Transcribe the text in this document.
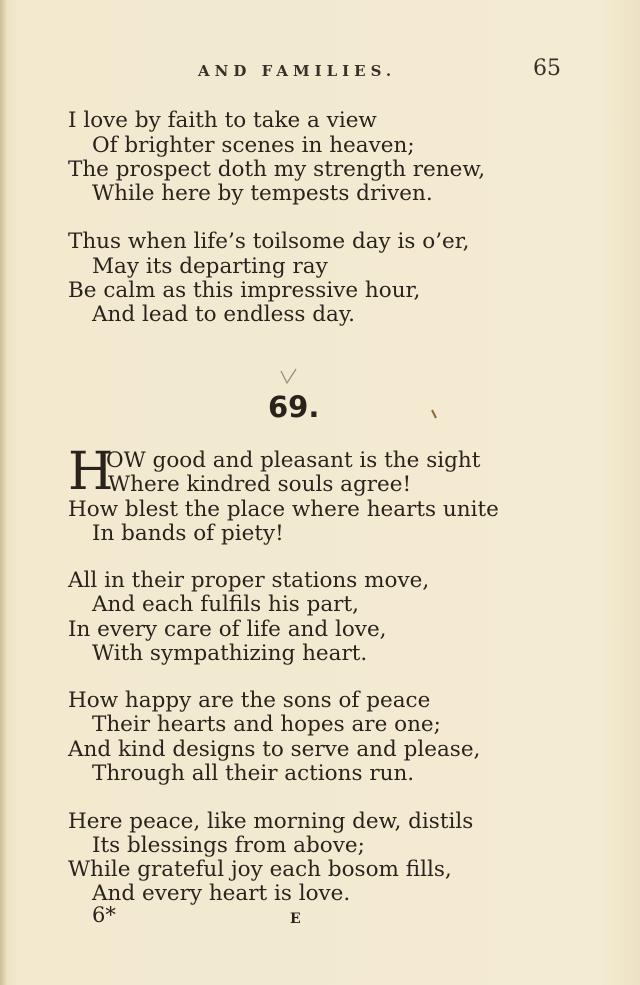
AND FAMILIES.	65
I love by faith to take a view
Of brighter scenes in heaven;
The prospect doth my strength renew,
While here by tempests driven.
Thus when life’s toilsome day is o’er,
May its departing ray
Be calm as this impressive hour,
And lead to endless day.
69.
H
OW good and pleasant is the sight
Where kindred souls agree!
How blest the place where hearts unite
In bands of piety!
All in their proper stations move,
And each fulfils his part,
In every care of life and love,
With sympathizing heart.
How happy are the sons of peace
Their hearts and hopes are one;
And kind designs to serve and please,
Through all their actions run.
Here peace, like morning dew, distils
Its blessings from above;
While grateful joy each bosom fills,
And every heart is love.
6*	E
